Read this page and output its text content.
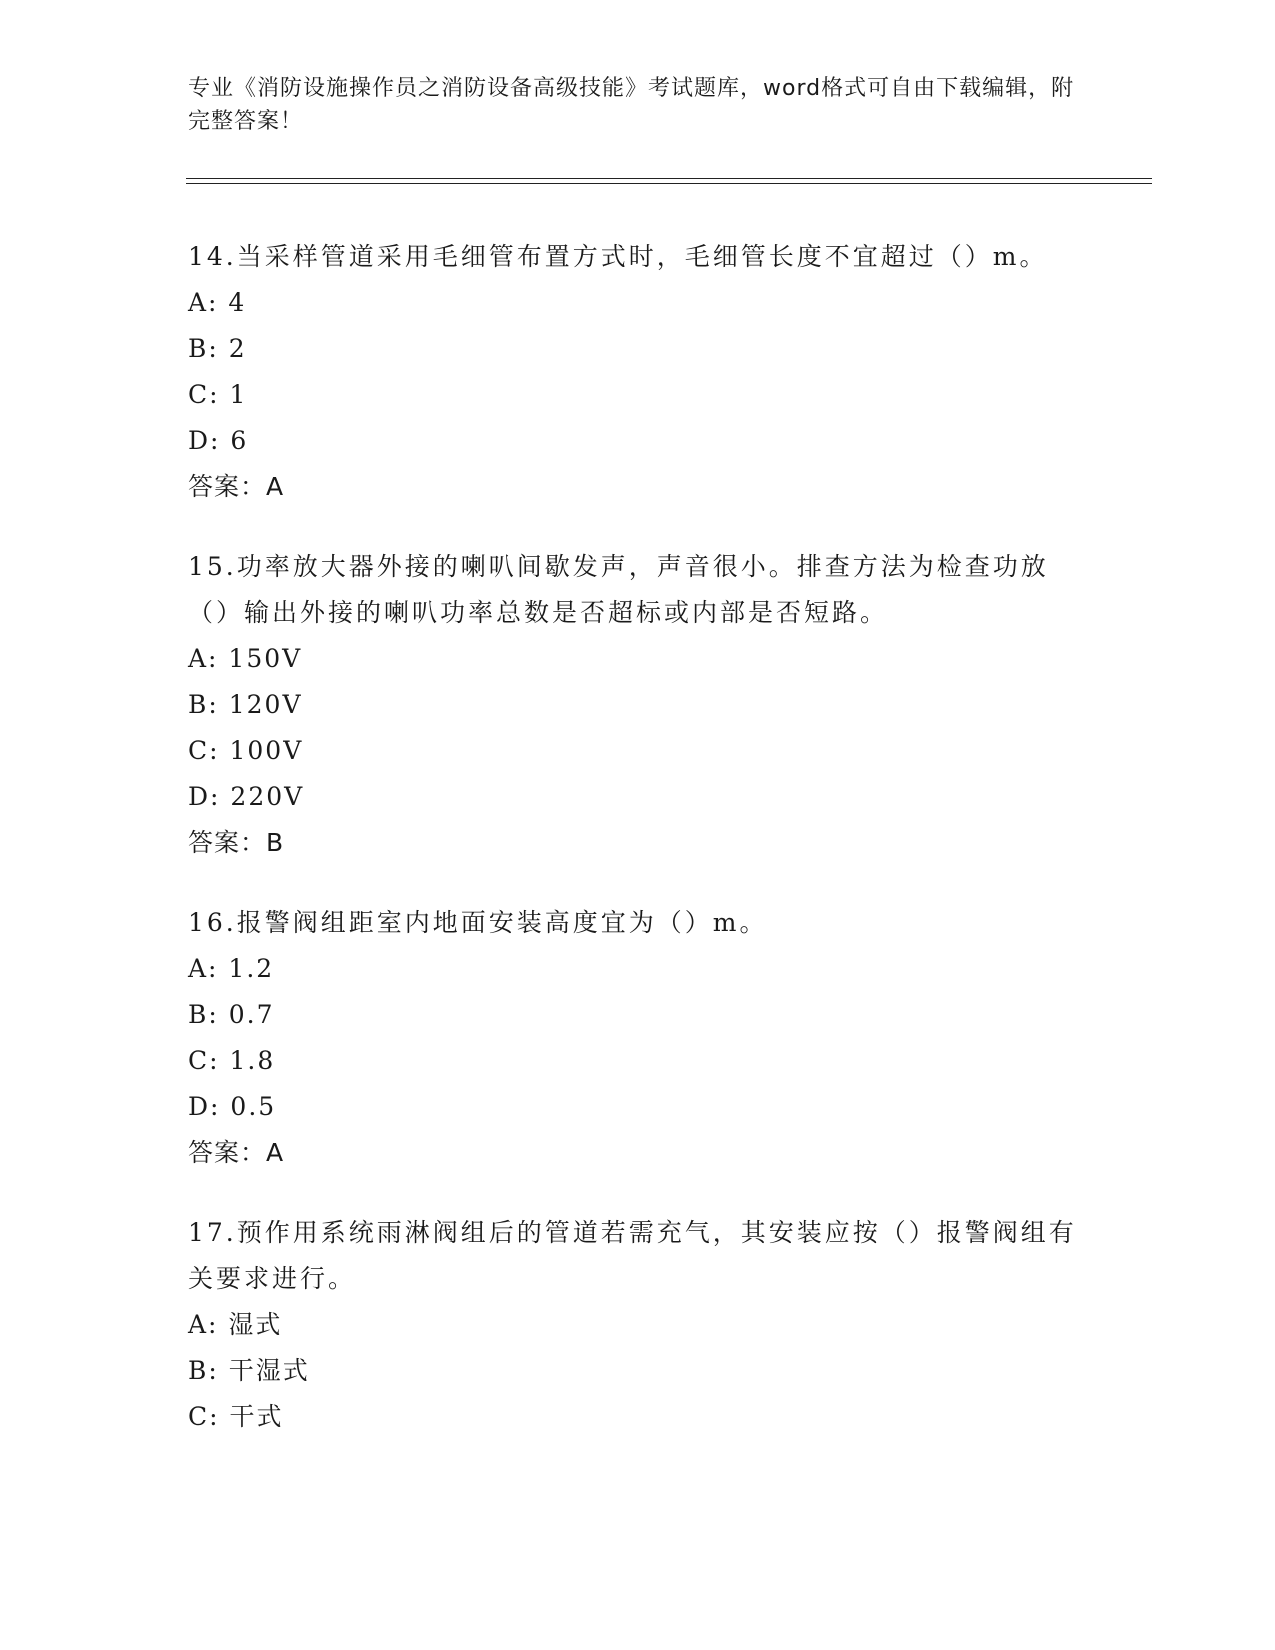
专业《消防设施操作员之消防设备高级技能》考试题库，word格式可自由下载编辑，附完整答案！
14.当采样管道采用毛细管布置方式时，毛细管长度不宜超过（）m。
A: 4
B: 2
C: 1
D: 6
答案：A
15.功率放大器外接的喇叭间歇发声，声音很小。排查方法为检查功放（）输出外接的喇叭功率总数是否超标或内部是否短路。
A: 150V
B: 120V
C: 100V
D: 220V
答案：B
16.报警阀组距室内地面安装高度宜为（）m。
A: 1.2
B: 0.7
C: 1.8
D: 0.5
答案：A
17.预作用系统雨淋阀组后的管道若需充气，其安装应按（）报警阀组有关要求进行。
A: 湿式
B: 干湿式
C: 干式
